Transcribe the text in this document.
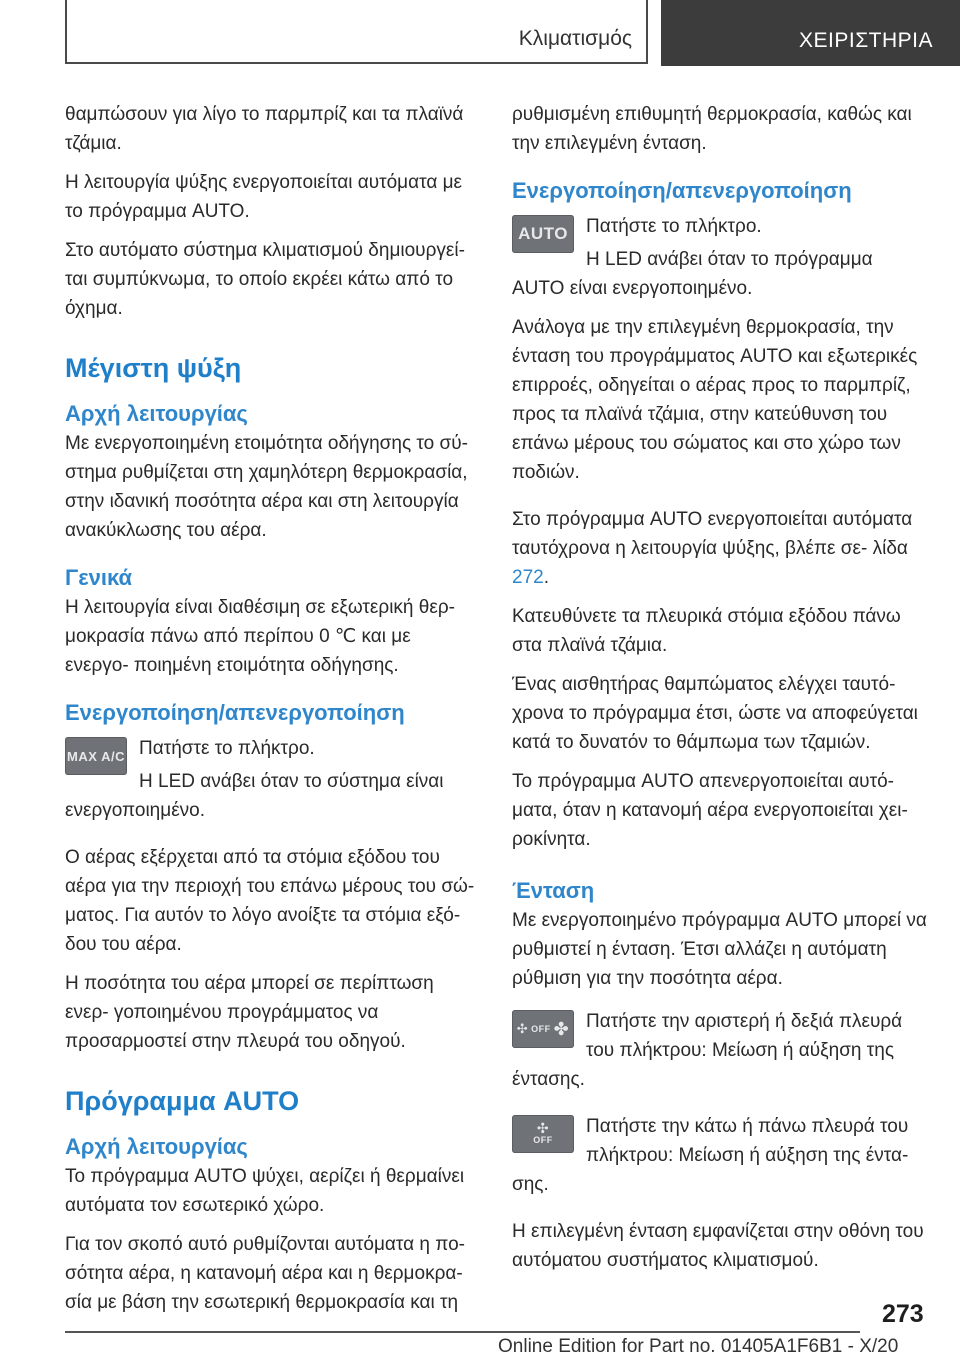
Κλιματισμός	ΧΕΙΡΙΣΤΗΡΙΑ

θαμπώσουν για λίγο το παρμπρίζ και τα πλαϊνά τζάμια.

Η λειτουργία ψύξης ενεργοποιείται αυτόματα με το πρόγραμμα AUTO.

Στο αυτόματο σύστημα κλιματισμού δημιουργεί- ται συμπύκνωμα, το οποίο εκρέει κάτω από το όχημα.

Μέγιστη ψύξη
Αρχή λειτουργίας

Με ενεργοποιημένη ετοιμότητα οδήγησης το σύ- στημα ρυθμίζεται στη χαμηλότερη θερμοκρασία, στην ιδανική ποσότητα αέρα και στη λειτουργία ανακύκλωσης του αέρα.

Γενικά

Η λειτουργία είναι διαθέσιμη σε εξωτερική θερ- μοκρασία πάνω από περίπου 0 ℃ και με ενεργο- ποιημένη ετοιμότητα οδήγησης.

Ενεργοποίηση/απενεργοποίηση
MAX A/C Πατήστε το πλήκτρο.

Η LED ανάβει όταν το σύστημα είναι ενεργοποιημένο.

Ο αέρας εξέρχεται από τα στόμια εξόδου του αέρα για την περιοχή του επάνω μέρους του σώ- ματος. Για αυτόν το λόγο ανοίξτε τα στόμια εξό- δου του αέρα.

Η ποσότητα του αέρα μπορεί σε περίπτωση ενερ- γοποιημένου προγράμματος να προσαρμοστεί στην πλευρά του οδηγού.

Πρόγραμμα AUTO
Αρχή λειτουργίας

Το πρόγραμμα AUTO ψύχει, αερίζει ή θερμαίνει αυτόματα τον εσωτερικό χώρο.

Για τον σκοπό αυτό ρυθμίζονται αυτόματα η πο- σότητα αέρα, η κατανομή αέρα και η θερμοκρα- σία με βάση την εσωτερική θερμοκρασία και τη

ρυθμισμένη επιθυμητή θερμοκρασία, καθώς και την επιλεγμένη ένταση.

Ενεργοποίηση/απενεργοποίηση
AUTO Πατήστε το πλήκτρο.

Η LED ανάβει όταν το πρόγραμμα AUTO είναι ενεργοποιημένο.

Ανάλογα με την επιλεγμένη θερμοκρασία, την ένταση του προγράμματος AUTO και εξωτερικές επιρροές, οδηγείται ο αέρας προς το παρμπρίζ, προς τα πλαϊνά τζάμια, στην κατεύθυνση του επάνω μέρους του σώματος και στο χώρο των ποδιών.

Στο πρόγραμμα AUTO ενεργοποιείται αυτόματα ταυτόχρονα η λειτουργία ψύξης, βλέπε σε- λίδα 272.

Κατευθύνετε τα πλευρικά στόμια εξόδου πάνω στα πλαϊνά τζάμια.

Ένας αισθητήρας θαμπώματος ελέγχει ταυτό- χρονα το πρόγραμμα έτσι, ώστε να αποφεύγεται κατά το δυνατόν το θάμπωμα των τζαμιών.

Το πρόγραμμα AUTO απενεργοποιείται αυτό- ματα, όταν η κατανομή αέρα ενεργοποιείται χει- ροκίνητα.

Ένταση

Με ενεργοποιημένο πρόγραμμα AUTO μπορεί να ρυθμιστεί η ένταση. Έτσι αλλάζει η αυτόματη ρύθμιση για την ποσότητα αέρα.

✣ OFF ✤ Πατήστε την αριστερή ή δεξιά πλευρά του πλήκτρου: Μείωση ή αύξηση της έντασης.

✣
OFF

Πατήστε την κάτω ή πάνω πλευρά του πλήκτρου: Μείωση ή αύξηση της έντα- σης.

Η επιλεγμένη ένταση εμφανίζεται στην οθόνη του αυτόματου συστήματος κλιματισμού.

273
Online Edition for Part no. 01405A1F6B1 - X/20
